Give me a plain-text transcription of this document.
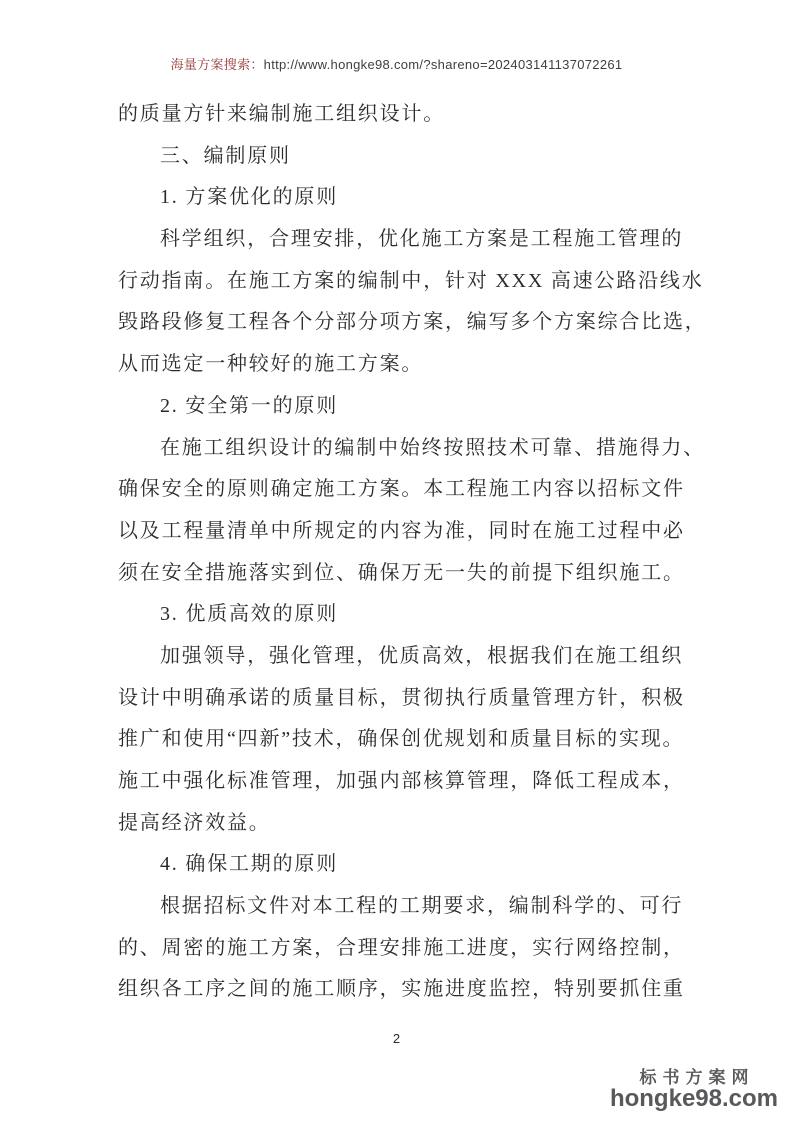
海量方案搜索：http://www.hongke98.com/?shareno=202403141137072261
的质量方针来编制施工组织设计。
三、编制原则
1. 方案优化的原则
科学组织，合理安排，优化施工方案是工程施工管理的
行动指南。在施工方案的编制中，针对 XXX 高速公路沿线水
毁路段修复工程各个分部分项方案，编写多个方案综合比选，
从而选定一种较好的施工方案。
2. 安全第一的原则
在施工组织设计的编制中始终按照技术可靠、措施得力、
确保安全的原则确定施工方案。本工程施工内容以招标文件
以及工程量清单中所规定的内容为准，同时在施工过程中必
须在安全措施落实到位、确保万无一失的前提下组织施工。
3. 优质高效的原则
加强领导，强化管理，优质高效，根据我们在施工组织
设计中明确承诺的质量目标，贯彻执行质量管理方针，积极
推广和使用“四新”技术，确保创优规划和质量目标的实现。
施工中强化标准管理，加强内部核算管理，降低工程成本，
提高经济效益。
4. 确保工期的原则
根据招标文件对本工程的工期要求，编制科学的、可行
的、周密的施工方案，合理安排施工进度，实行网络控制，
组织各工序之间的施工顺序，实施进度监控，特别要抓住重
2
标书方案网
hongke98.com
